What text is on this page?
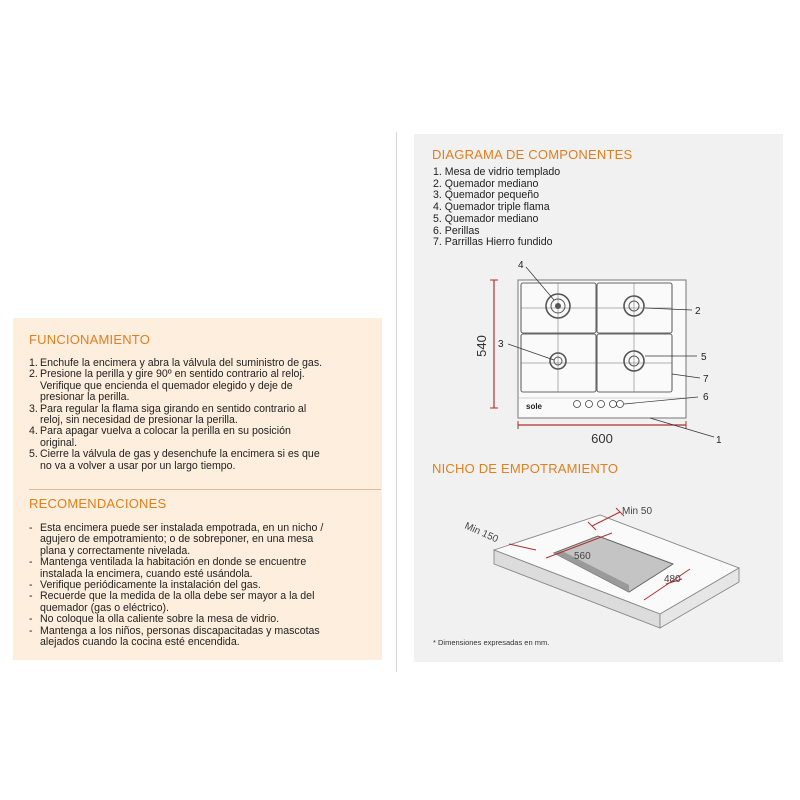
FUNCIONAMIENTO
1. Enchufe la encimera y abra la válvula del suministro de gas.
2. Presione la perilla y gire 90º en sentido contrario al reloj.
Verifique que encienda el quemador elegido y deje de
presionar la perilla.
3. Para regular la flama siga girando en sentido contrario al
reloj, sin necesidad de presionar la perilla.
4. Para apagar vuelva a colocar la perilla en su posición
original.
5. Cierre la válvula de gas y desenchufe la encimera si es que
no va a volver a usar por un largo tiempo.
RECOMENDACIONES
- Esta encimera puede ser instalada empotrada, en un nicho /
agujero de empotramiento; o de sobreponer, en una mesa
plana y correctamente nivelada.
- Mantenga ventilada la habitación en donde se encuentre
instalada la encimera, cuando esté usándola.
- Verifique periódicamente la instalación del gas.
- Recuerde que la medida de la olla debe ser mayor a la del
quemador (gas o eléctrico).
- No coloque la olla caliente sobre la mesa de vidrio.
- Mantenga a los niños, personas discapacitadas y mascotas
alejados cuando la cocina esté encendida.
DIAGRAMA DE COMPONENTES
1. Mesa de vidrio templado
2. Quemador mediano
3. Quemador pequeño
4. Quemador triple flama
5. Quemador mediano
6. Perillas
7. Parrillas Hierro fundido
NICHO DE EMPOTRAMIENTO
* Dimensiones expresadas en mm.
540
600
sole
4
2
3
5
7
6
1
Min 50
Min 150
560
480
